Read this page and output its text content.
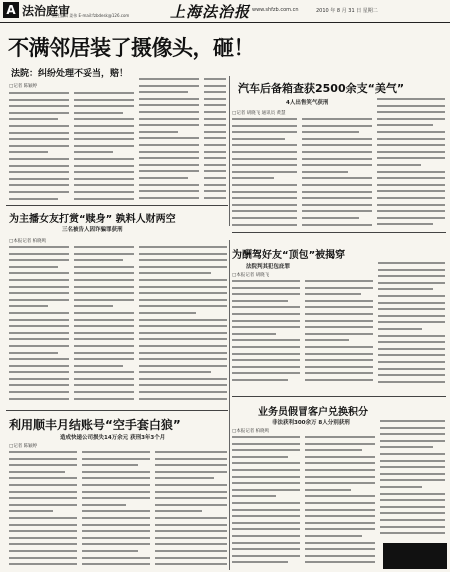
A 法治庭审
责任编辑 姜伟 E-mail:fzbdesk@126.com	上海法治报 www.shfzb.com.cn	2010 年 8 月 31 日 星期二
不满邻居装了摄像头，砸！
法院：纠纷处理不妥当，赔！
□记者 陈颖婷	汽车后备箱查获2500余支“美气”
4人出售笑气获刑
□记者 胡晓飞 通讯员 黄慧
为主播女友打赏“赎身” 孰料人财两空
三名被告人因诈骗罪获刑
□本报记者 柏晓鸣
为酬驾好友“顶包”被揭穿
法院判其犯包庇罪
□本报记者 胡晓飞
利用顺丰月结账号“空手套白狼”
造成快递公司损失14万余元 获刑3年3个月
□记者 陈颖婷
业务员假冒客户兑换积分
非法获利300余万 8人分别获刑
□本报记者 柏晓鸣
